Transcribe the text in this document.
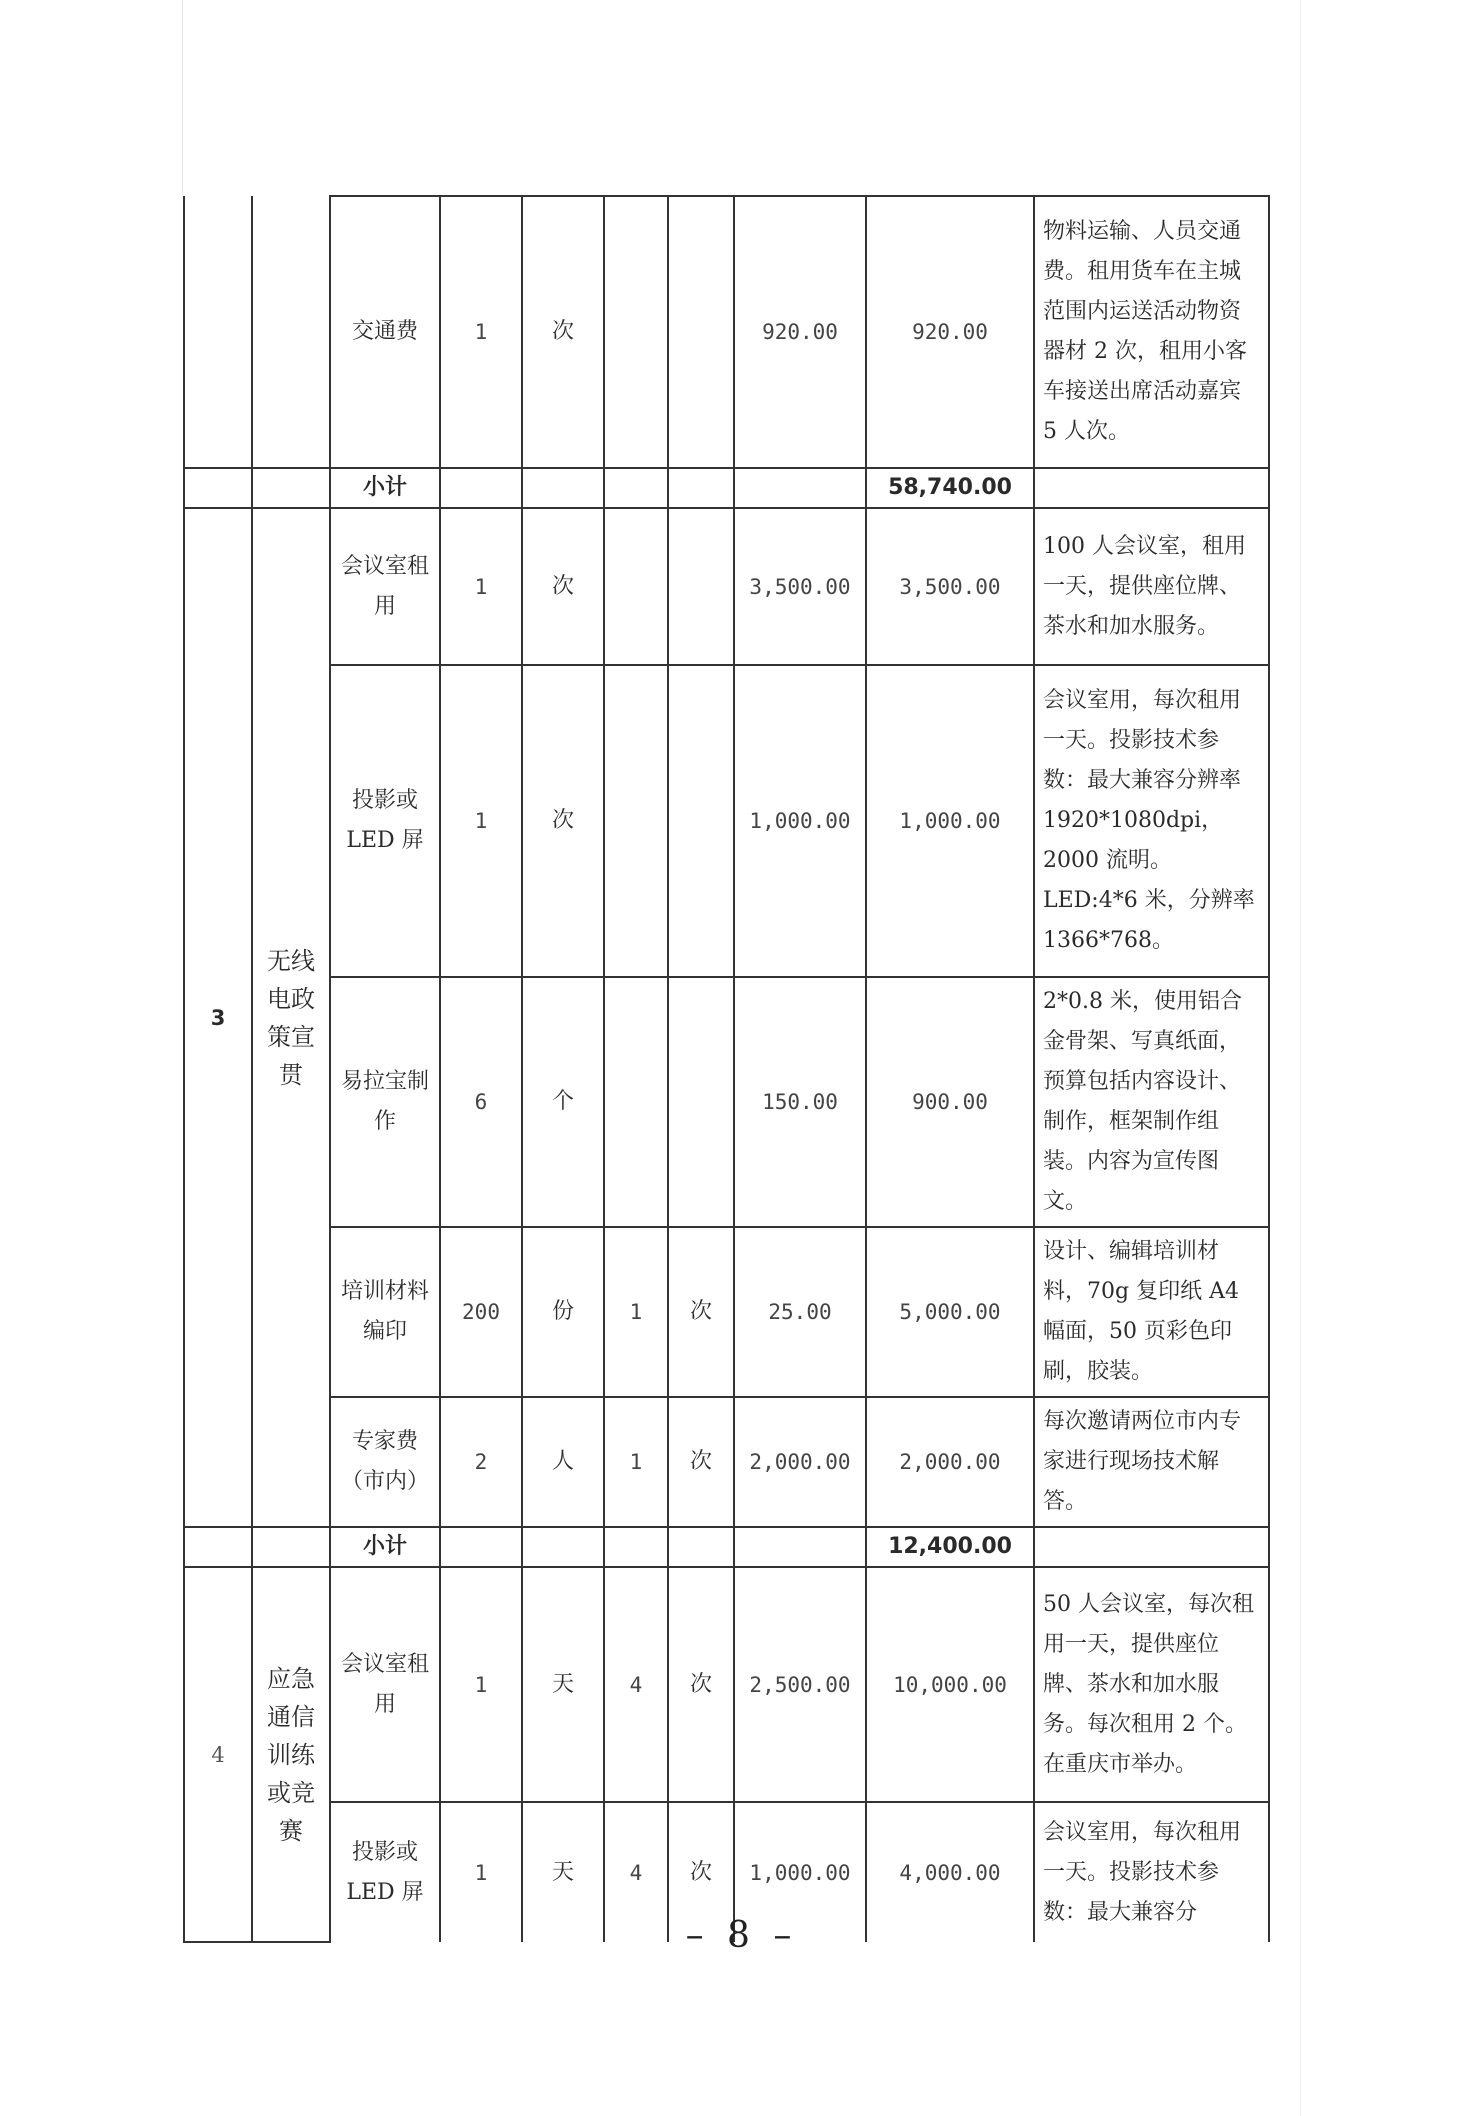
		交通费	1	次			920.00	920.00	物料运输、人员交通费。租用货车在主城范围内运送活动物资器材 2 次，租用小客车接送出席活动嘉宾 5 人次。
		小计						58,740.00	
3	无线电政策宣贯	会议室租用	1	次			3,500.00	3,500.00	100 人会议室，租用一天，提供座位牌、茶水和加水服务。
		投影或 LED 屏	1	次			1,000.00	1,000.00	会议室用，每次租用一天。投影技术参数：最大兼容分辨率 1920*1080dpi，2000 流明。LED:4*6 米，分辨率 1366*768。
		易拉宝制作	6	个			150.00	900.00	2*0.8 米，使用铝合金骨架、写真纸面，预算包括内容设计、制作，框架制作组装。内容为宣传图文。
		培训材料编印	200	份	1	次	25.00	5,000.00	设计、编辑培训材料，70g 复印纸 A4 幅面，50 页彩色印刷，胶装。
		专家费（市内）	2	人	1	次	2,000.00	2,000.00	每次邀请两位市内专家进行现场技术解答。
		小计						12,400.00	
4	应急通信训练或竞赛	会议室租用	1	天	4	次	2,500.00	10,000.00	50 人会议室，每次租用一天，提供座位牌、茶水和加水服务。每次租用 2 个。在重庆市举办。
		投影或 LED 屏	1	天	4	次	1,000.00	4,000.00	会议室用，每次租用一天。投影技术参数：最大兼容分
– 8 –
